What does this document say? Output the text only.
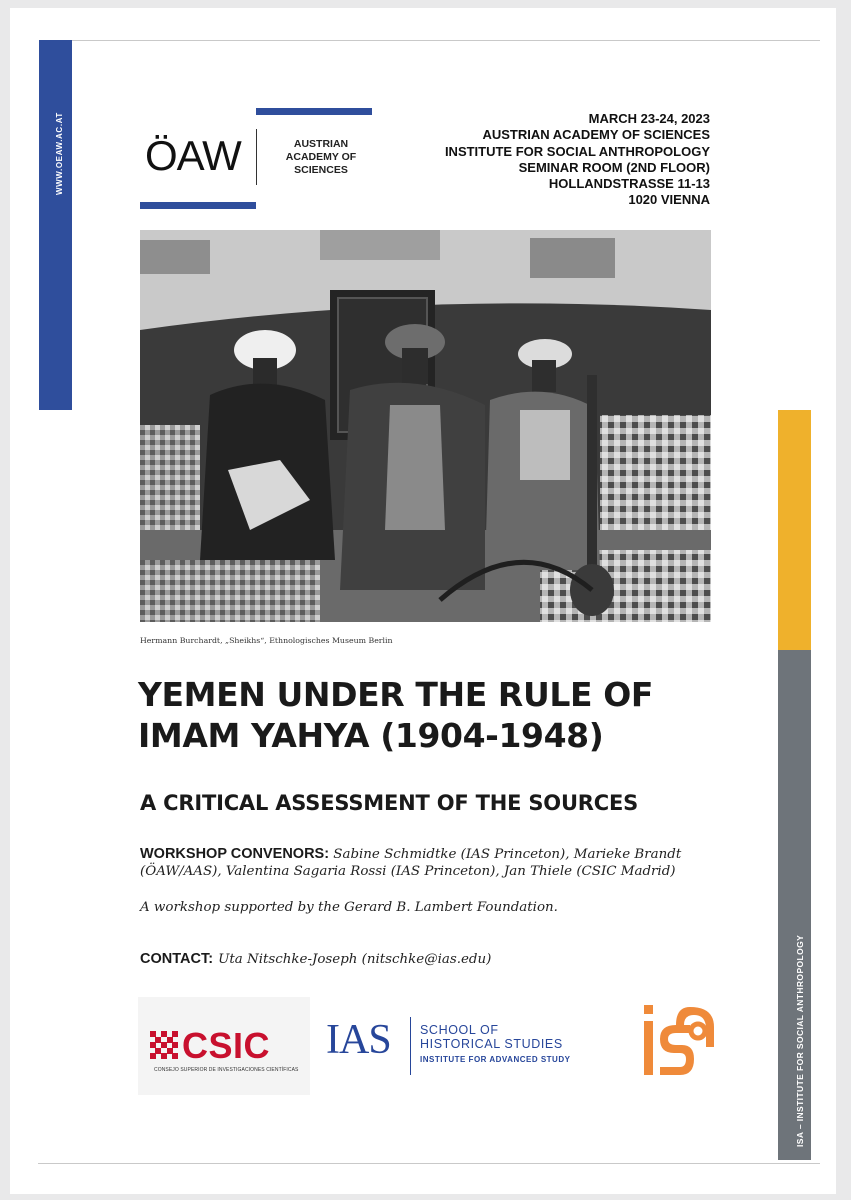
WWW.OEAW.AC.AT
ISA – INSTITUTE FOR SOCIAL ANTHROPOLOGY
ÖAW	AUSTRIAN
ACADEMY OF
SCIENCES
MARCH 23-24, 2023
AUSTRIAN ACADEMY OF SCIENCES
INSTITUTE FOR SOCIAL ANTHROPOLOGY
SEMINAR ROOM (2ND FLOOR)
HOLLANDSTRASSE 11-13
1020 VIENNA
Hermann Burchardt, „Sheikhs“, Ethnologisches Museum Berlin
YEMEN UNDER THE RULE OF
IMAM YAHYA (1904-1948)
A CRITICAL ASSESSMENT OF THE SOURCES
WORKSHOP CONVENORS: Sabine Schmidtke (IAS Princeton), Marieke Brandt (ÖAW/AAS), Valentina Sagaria Rossi (IAS Princeton), Jan Thiele (CSIC Madrid)
A workshop supported by the Gerard B. Lambert Foundation.
CONTACT: Uta Nitschke-Joseph (nitschke@ias.edu)
CSIC
CONSEJO SUPERIOR DE INVESTIGACIONES CIENTÍFICAS
IAS SCHOOL OF
HISTORICAL STUDIES
INSTITUTE FOR ADVANCED STUDY
